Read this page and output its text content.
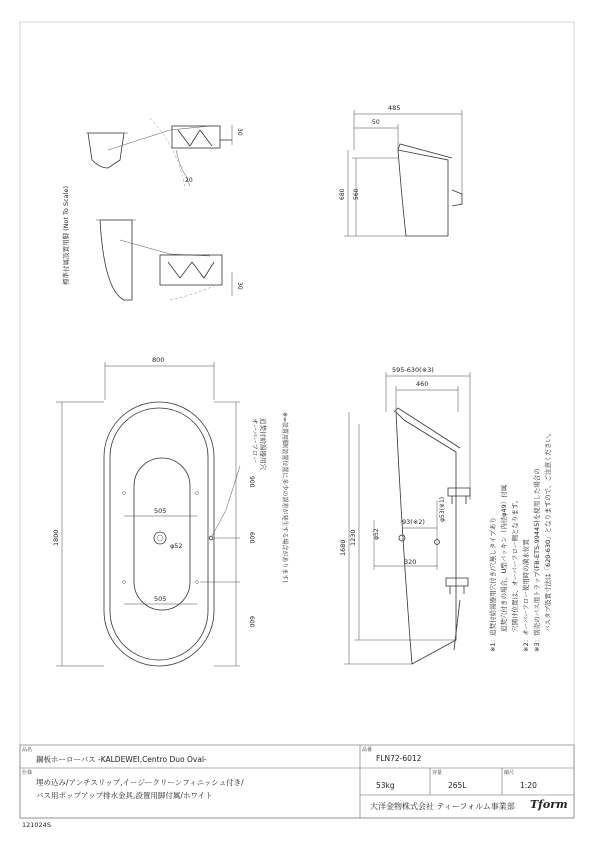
20
30
30
標準付属設置用脚 (Not To Scale)
485
50
680 560
800
1800
900
600
600
505
505
φ52
追焚付給湯器用穴
オーバーフロー	※=設置用脚(設置位置に多少の誤差が発生する場合があります)
595-630(※3)
460
1680
1230	φ52
φ53(※1)
93(※2)
320	※1：追焚付給湯器用穴付き/穴無しタイプあり 追焚穴付きの場合、U型パッキン（内径φ49）付属 穴開け位置は、オーバーフロー側となります。 ※2：オーバーフロー使用時の満水位置 ※3：別売のバス用トラップ(FB-ETS-99445)を使用した場合の バスタブ設置寸法は「620-630」となりますので、ご注意ください。
品名
鋼板ホーローバス -KALDEWEI,Centro Duo Oval-
品番
FLN72-6012
仕様
埋め込み/アンチスリップ,イージークリーンフィニッシュ付き/
バス用ポップアップ排水金具,設置用脚付属/ホワイト
53kg
容量
265L
縮尺
1:20
大洋金物株式会社 ティーフォルム事業部 Tform
121024S
